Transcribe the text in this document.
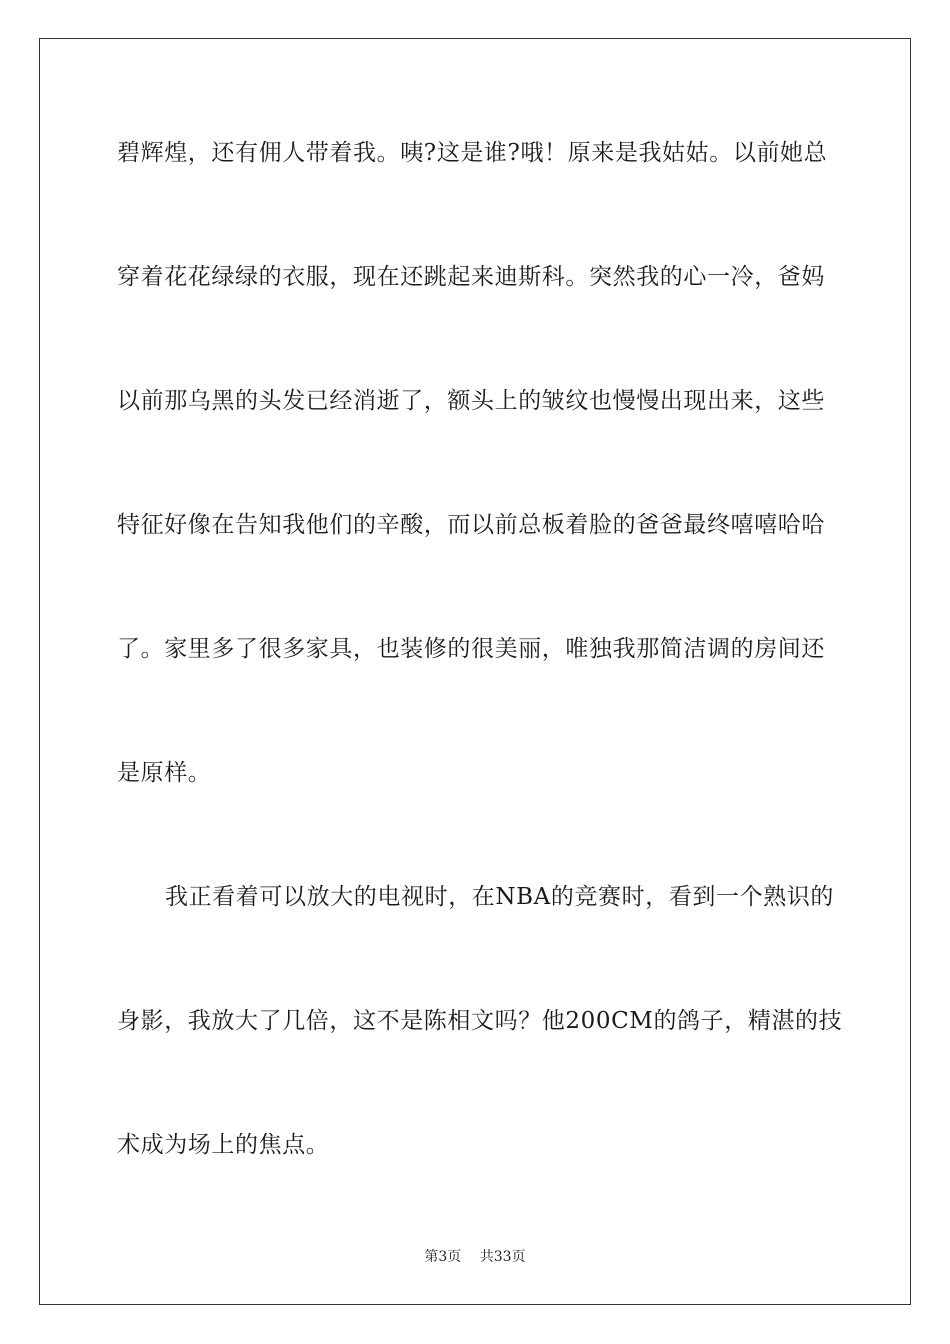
碧辉煌，还有佣人带着我。咦?这是谁?哦！原来是我姑姑。以前她总
穿着花花绿绿的衣服，现在还跳起来迪斯科。突然我的心一冷，爸妈
以前那乌黑的头发已经消逝了，额头上的皱纹也慢慢出现出来，这些
特征好像在告知我他们的辛酸，而以前总板着脸的爸爸最终嘻嘻哈哈
了。家里多了很多家具，也装修的很美丽，唯独我那简洁调的房间还
是原样。
我正看着可以放大的电视时，在NBA的竞赛时，看到一个熟识的
身影，我放大了几倍，这不是陈相文吗？他200CM的鸽子，精湛的技
术成为场上的焦点。
第3页 共33页
